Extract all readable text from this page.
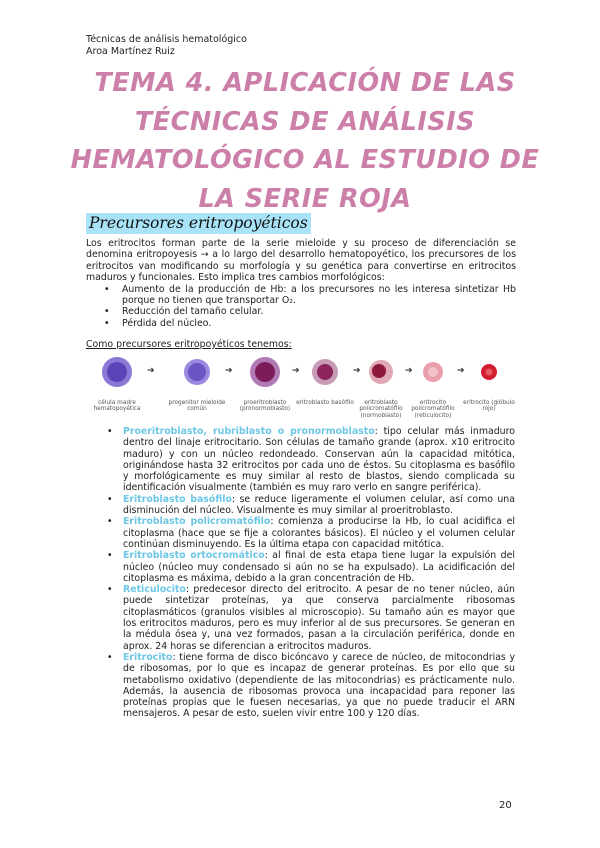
Técnicas de análisis hematológico
Aroa Martínez Ruiz
TEMA 4. APLICACIÓN DE LAS TÉCNICAS DE ANÁLISIS HEMATOLÓGICO AL ESTUDIO DE LA SERIE ROJA
Precursores eritropoyéticos

Los eritrocitos forman parte de la serie mieloide y su proceso de diferenciación se denomina eritropoyesis → a lo largo del desarrollo hematopoyético, los precursores de los eritrocitos van modificando su morfología y su genética para convertirse en eritrocitos maduros y funcionales. Esto implica tres cambios morfológicos:

• Aumento de la producción de Hb: a los precursores no les interesa sintetizar Hb porque no tienen que transportar O₂.
• Reducción del tamaño celular.
• Pérdida del núcleo.
Como precursores eritropoyéticos tenemos:
célula madre hematopoyética
➔
progenitor mieloide común
➔
proeritroblasto (pronormoblasto)
➔
eritroblasto basófilo
➔
eritroblasto policromatófilo (normoblasto)
➔
eritrocito policromatófilo (reticulocito)
➔
eritrocito (glóbulo rojo)
• Proeritroblasto, rubriblasto o pronormoblasto: tipo celular más inmaduro dentro del linaje eritrocitario. Son células de tamaño grande (aprox. x10 eritrocito maduro) y con un núcleo redondeado. Conservan aún la capacidad mitótica, originándose hasta 32 eritrocitos por cada uno de éstos. Su citoplasma es basófilo y morfológicamente es muy similar al resto de blastos, siendo complicada su identificación visualmente (también es muy raro verlo en sangre periférica).
• Eritroblasto basófilo: se reduce ligeramente el volumen celular, así como una disminución del núcleo. Visualmente es muy similar al proeritroblasto.
• Eritroblasto policromatófilo: comienza a producirse la Hb, lo cual acidifica el citoplasma (hace que se fije a colorantes básicos). El núcleo y el volumen celular continúan disminuyendo. Es la última etapa con capacidad mitótica.
• Eritroblasto ortocromático: al final de esta etapa tiene lugar la expulsión del núcleo (núcleo muy condensado si aún no se ha expulsado). La acidificación del citoplasma es máxima, debido a la gran concentración de Hb.
• Reticulocito: predecesor directo del eritrocito. A pesar de no tener núcleo, aún puede sintetizar proteínas, ya que conserva parcialmente ribosomas citoplasmáticos (granulos visibles al microscopio). Su tamaño aún es mayor que los eritrocitos maduros, pero es muy inferior al de sus precursores. Se generan en la médula ósea y, una vez formados, pasan a la circulación periférica, donde en aprox. 24 horas se diferencian a eritrocitos maduros.
• Eritrocito: tiene forma de disco bicóncavo y carece de núcleo, de mitocondrias y de ribosomas, por lo que es incapaz de generar proteínas. Es por ello que su metabolismo oxidativo (dependiente de las mitocondrias) es prácticamente nulo. Además, la ausencia de ribosomas provoca una incapacidad para reponer las proteínas propias que le fuesen necesarias, ya que no puede traducir el ARN mensajeros. A pesar de esto, suelen vivir entre 100 y 120 días.
20
